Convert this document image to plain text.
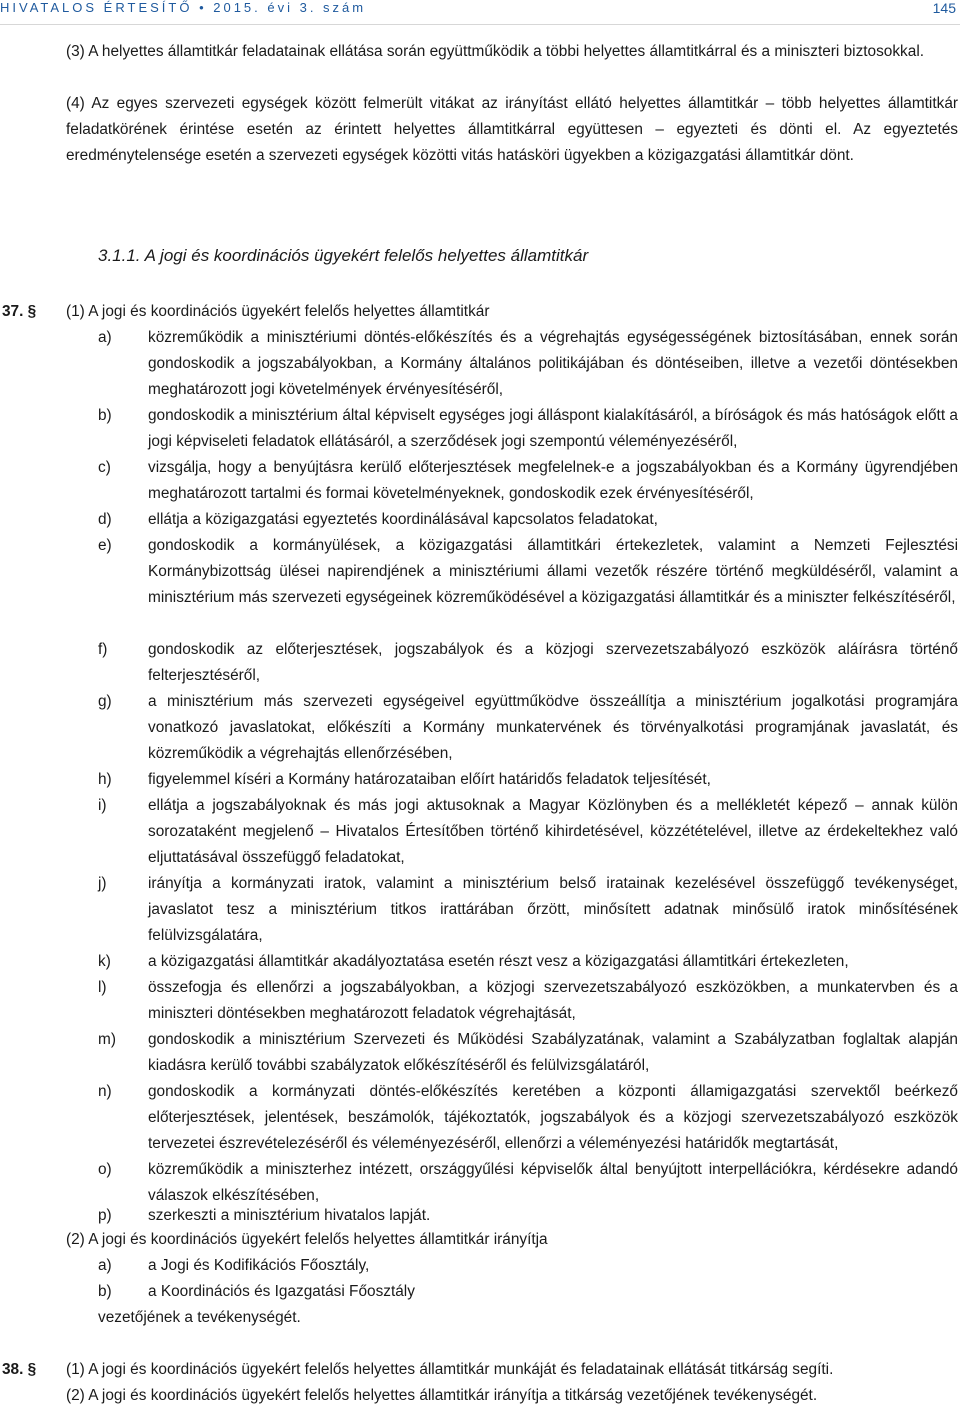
HIVATALOS ÉRTESÍTŐ • 2015. évi 3. szám	145
(3) A helyettes államtitkár feladatainak ellátása során együttműködik a többi helyettes államtitkárral és a miniszteri biztosokkal.
(4) Az egyes szervezeti egységek között felmerült vitákat az irányítást ellátó helyettes államtitkár – több helyettes államtitkár feladatkörének érintése esetén az érintett helyettes államtitkárral együttesen – egyezteti és dönti el. Az egyeztetés eredménytelensége esetén a szervezeti egységek közötti vitás hatásköri ügyekben a közigazgatási államtitkár dönt.
3.1.1. A jogi és koordinációs ügyekért felelős helyettes államtitkár
37. § (1) A jogi és koordinációs ügyekért felelős helyettes államtitkár
a) közreműködik a minisztériumi döntés-előkészítés és a végrehajtás egységességének biztosításában, ennek során gondoskodik a jogszabályokban, a Kormány általános politikájában és döntéseiben, illetve a vezetői döntésekben meghatározott jogi követelmények érvényesítéséről,
b) gondoskodik a minisztérium által képviselt egységes jogi álláspont kialakításáról, a bíróságok és más hatóságok előtt a jogi képviseleti feladatok ellátásáról, a szerződések jogi szempontú véleményezéséről,
c) vizsgálja, hogy a benyújtásra kerülő előterjesztések megfelelnek-e a jogszabályokban és a Kormány ügyrendjében meghatározott tartalmi és formai követelményeknek, gondoskodik ezek érvényesítéséről,
d) ellátja a közigazgatási egyeztetés koordinálásával kapcsolatos feladatokat,
e) gondoskodik a kormányülések, a közigazgatási államtitkári értekezletek, valamint a Nemzeti Fejlesztési Kormánybizottság ülései napirendjének a minisztériumi állami vezetők részére történő megküldéséről, valamint a minisztérium más szervezeti egységeinek közreműködésével a közigazgatási államtitkár és a miniszter felkészítéséről,
f)	gondoskodik az előterjesztések, jogszabályok és a közjogi szervezetszabályozó eszközök aláírásra történő felterjesztéséről,
g) a minisztérium más szervezeti egységeivel együttműködve összeállítja a minisztérium jogalkotási programjára vonatkozó javaslatokat, előkészíti a Kormány munkatervének és törvényalkotási programjának javaslatát, és közreműködik a végrehajtás ellenőrzésében,
h) figyelemmel kíséri a Kormány határozataiban előírt határidős feladatok teljesítését,
i)	ellátja a jogszabályoknak és más jogi aktusoknak a Magyar Közlönyben és a mellékletét képező – annak külön sorozataként megjelenő – Hivatalos Értesítőben történő kihirdetésével, közzétételével, illetve az érdekeltekhez való eljuttatásával összefüggő feladatokat,
j)	irányítja a kormányzati iratok, valamint a minisztérium belső iratainak kezelésével összefüggő tevékenységet, javaslatot tesz a minisztérium titkos irattárában őrzött, minősített adatnak minősülő iratok minősítésének felülvizsgálatára,
k) a közigazgatási államtitkár akadályoztatása esetén részt vesz a közigazgatási államtitkári értekezleten,
l)	összefogja és ellenőrzi a jogszabályokban, a közjogi szervezetszabályozó eszközökben, a munkatervben és a miniszteri döntésekben meghatározott feladatok végrehajtását,
m) gondoskodik a minisztérium Szervezeti és Működési Szabályzatának, valamint a Szabályzatban foglaltak alapján kiadásra kerülő további szabályzatok előkészítéséről és felülvizsgálatáról,
n) gondoskodik a kormányzati döntés-előkészítés keretében a központi államigazgatási szervektől beérkező előterjesztések, jelentések, beszámolók, tájékoztatók, jogszabályok és a közjogi szervezetszabályozó eszközök tervezetei észrevételezéséről és véleményezéséről, ellenőrzi a véleményezési határidők megtartását,
o) közreműködik a miniszterhez intézett, országgyűlési képviselők által benyújtott interpellációkra, kérdésekre adandó válaszok elkészítésében,
p) szerkeszti a minisztérium hivatalos lapját.
(2) A jogi és koordinációs ügyekért felelős helyettes államtitkár irányítja
a) a Jogi és Kodifikációs Főosztály,
b) a Koordinációs és Igazgatási Főosztály
vezetőjének a tevékenységét.
38. § (1) A jogi és koordinációs ügyekért felelős helyettes államtitkár munkáját és feladatainak ellátását titkárság segíti.
(2) A jogi és koordinációs ügyekért felelős helyettes államtitkár irányítja a titkárság vezetőjének tevékenységét.
